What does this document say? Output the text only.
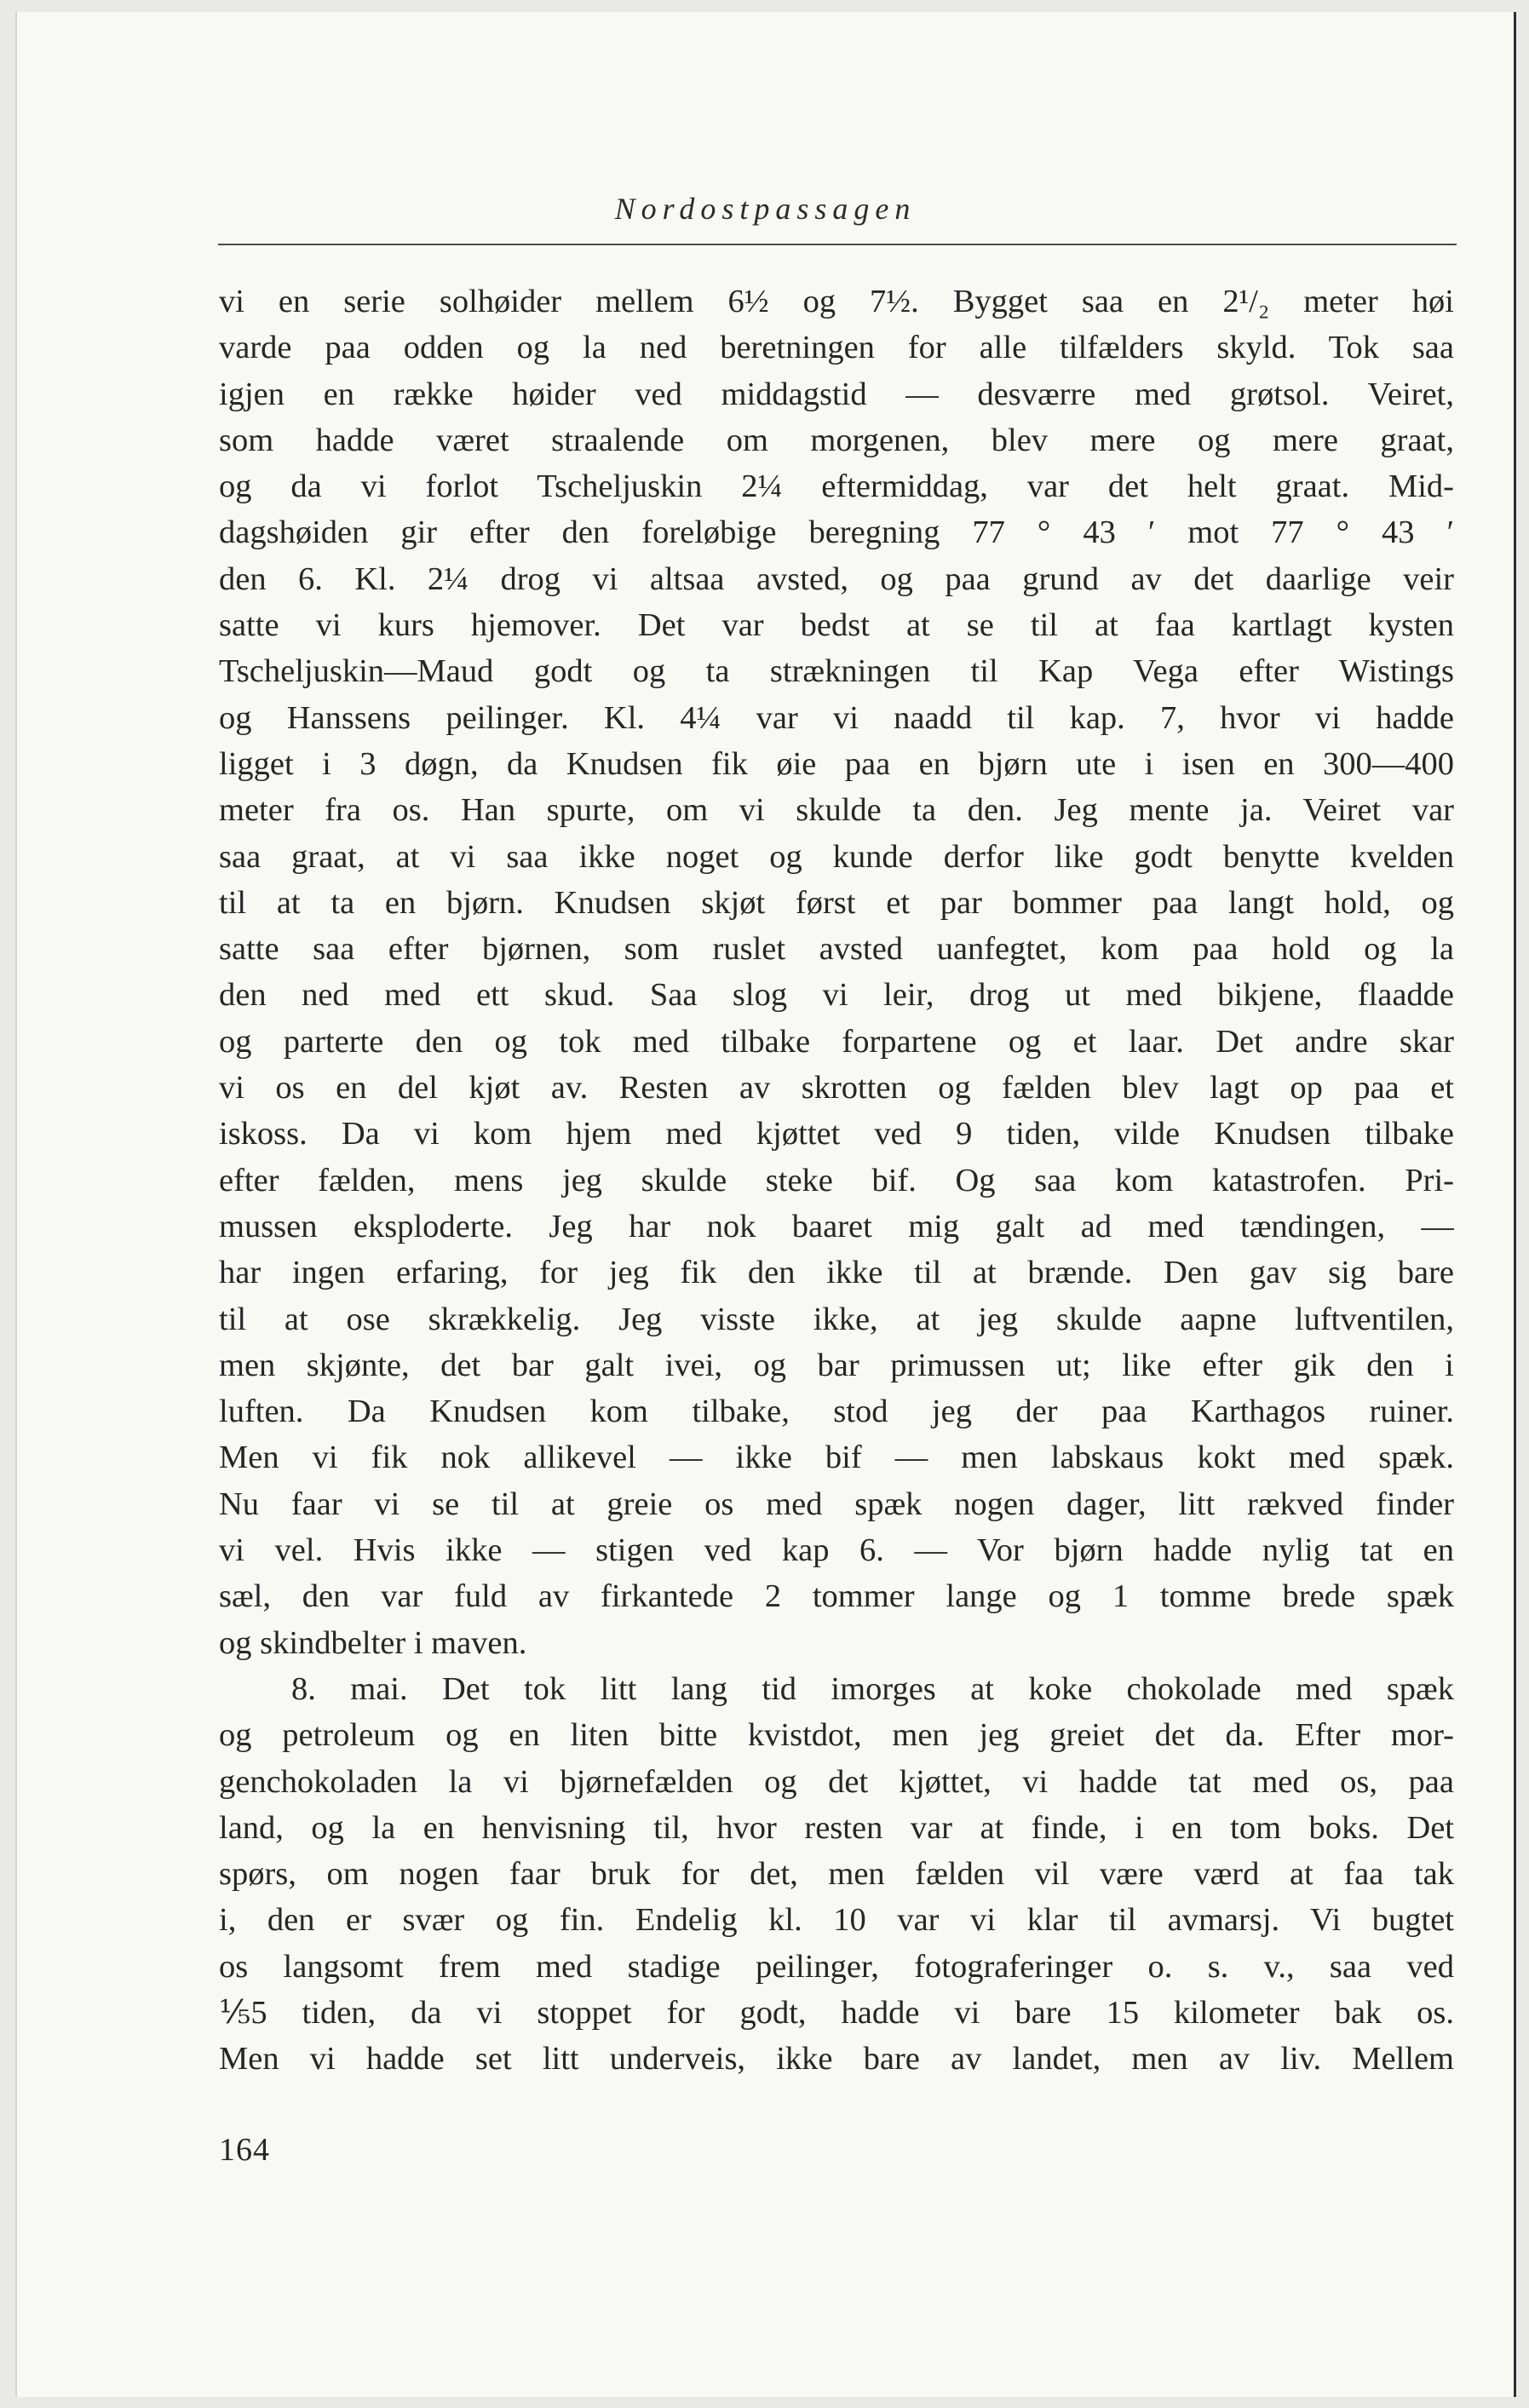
Nordostpassagen
vi en serie solhøider mellem 6½ og 7½. Bygget saa en 2¹/₂ meter høi
varde paa odden og la ned beretningen for alle tilfælders skyld. Tok saa
igjen en række høider ved middagstid — desværre med grøtsol. Veiret,
som hadde været straalende om morgenen, blev mere og mere graat,
og da vi forlot Tscheljuskin 2¼ eftermiddag, var det helt graat. Mid-
dagshøiden gir efter den foreløbige beregning 77 ° 43 ′ mot 77 ° 43 ′
den 6. Kl. 2¼ drog vi altsaa avsted, og paa grund av det daarlige veir
satte vi kurs hjemover. Det var bedst at se til at faa kartlagt kysten
Tscheljuskin—Maud godt og ta strækningen til Kap Vega efter Wistings
og Hanssens peilinger. Kl. 4¼ var vi naadd til kap. 7, hvor vi hadde
ligget i 3 døgn, da Knudsen fik øie paa en bjørn ute i isen en 300—400
meter fra os. Han spurte, om vi skulde ta den. Jeg mente ja. Veiret var
saa graat, at vi saa ikke noget og kunde derfor like godt benytte kvelden
til at ta en bjørn. Knudsen skjøt først et par bommer paa langt hold, og
satte saa efter bjørnen, som ruslet avsted uanfegtet, kom paa hold og la
den ned med ett skud. Saa slog vi leir, drog ut med bikjene, flaadde
og parterte den og tok med tilbake forpartene og et laar. Det andre skar
vi os en del kjøt av. Resten av skrotten og fælden blev lagt op paa et
iskoss. Da vi kom hjem med kjøttet ved 9 tiden, vilde Knudsen tilbake
efter fælden, mens jeg skulde steke bif. Og saa kom katastrofen. Pri-
mussen eksploderte. Jeg har nok baaret mig galt ad med tændingen, —
har ingen erfaring, for jeg fik den ikke til at brænde. Den gav sig bare
til at ose skrækkelig. Jeg visste ikke, at jeg skulde aapne luftventilen,
men skjønte, det bar galt ivei, og bar primussen ut; like efter gik den i
luften. Da Knudsen kom tilbake, stod jeg der paa Karthagos ruiner.
Men vi fik nok allikevel — ikke bif — men labskaus kokt med spæk.
Nu faar vi se til at greie os med spæk nogen dager, litt rækved finder
vi vel. Hvis ikke — stigen ved kap 6. — Vor bjørn hadde nylig tat en
sæl, den var fuld av firkantede 2 tommer lange og 1 tomme brede spæk
og skindbelter i maven.
8. mai. Det tok litt lang tid imorges at koke chokolade med spæk
og petroleum og en liten bitte kvistdot, men jeg greiet det da. Efter mor-
genchokoladen la vi bjørnefælden og det kjøttet, vi hadde tat med os, paa
land, og la en henvisning til, hvor resten var at finde, i en tom boks. Det
spørs, om nogen faar bruk for det, men fælden vil være værd at faa tak
i, den er svær og fin. Endelig kl. 10 var vi klar til avmarsj. Vi bugtet
os langsomt frem med stadige peilinger, fotograferinger o. s. v., saa ved
⅕5 tiden, da vi stoppet for godt, hadde vi bare 15 kilometer bak os.
Men vi hadde set litt underveis, ikke bare av landet, men av liv. Mellem
164
